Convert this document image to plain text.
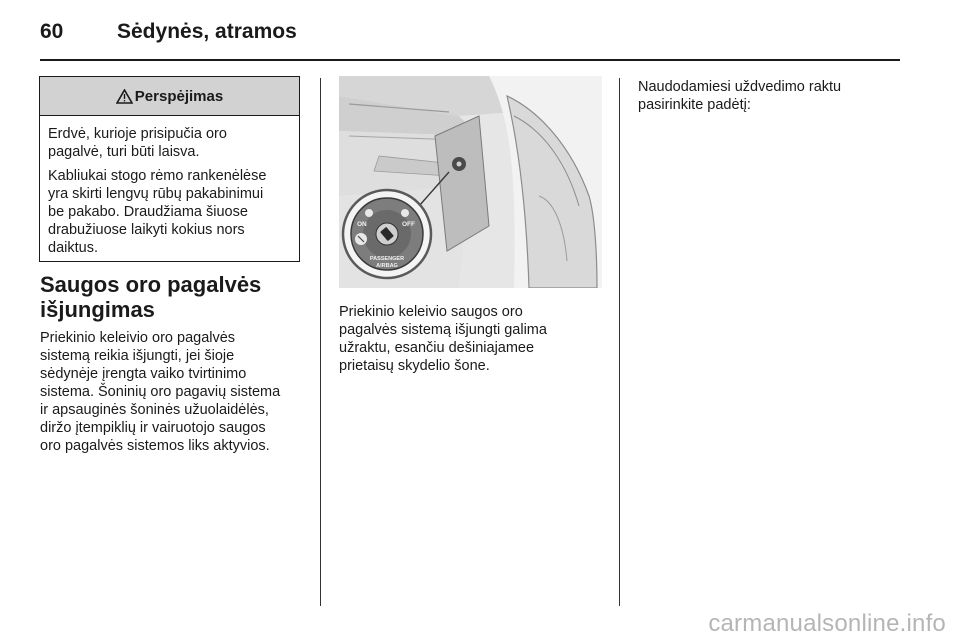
60	Sėdynės, atramos
Perspėjimas

Erdvė, kurioje prisipučia oro
pagalvė, turi būti laisva.

Kabliukai stogo rėmo rankenėlėse
yra skirti lengvų rūbų pakabinimui
be pakabo. Draudžiama šiuose
drabužiuose laikyti kokius nors
daiktus.

Saugos oro pagalvės
išjungimas
Priekinio keleivio oro pagalvės
sistemą reikia išjungti, jei šioje
sėdynėje įrengta vaiko tvirtinimo
sistema. Šoninių oro pagavių sistema
ir apsauginės šoninės užuolaidėlės,
diržo įtempiklių ir vairuotojo saugos
oro pagalvės sistemos liks aktyvios.
ON	OFF
PASSENGER
AIRBAG
Priekinio keleivio saugos oro
pagalvės sistemą išjungti galima
užraktu, esančiu dešiniajamee
prietaisų skydelio šone.
Naudodamiesi uždvedimo raktu
pasirinkite padėtį:
carmanualsonline.info
